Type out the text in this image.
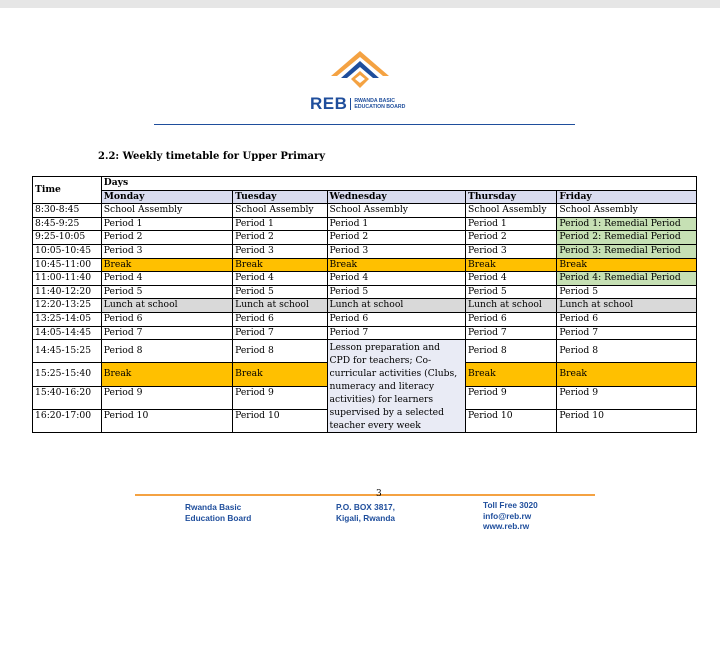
REB RWANDA BASIC
EDUCATION BOARD
2.2: Weekly timetable for Upper Primary
Time	Days				
	Monday	Tuesday	Wednesday	Thursday	Friday
8:30-8:45	School Assembly	School Assembly	School Assembly	School Assembly	School Assembly
8:45-9:25	Period 1	Period 1	Period 1	Period 1	Period 1: Remedial Period
9:25-10:05	Period 2	Period 2	Period 2	Period 2	Period 2: Remedial Period
10:05-10:45	Period 3	Period 3	Period 3	Period 3	Period 3: Remedial Period
10:45-11:00	Break	Break	Break	Break	Break
11:00-11:40	Period 4	Period 4	Period 4	Period 4	Period 4: Remedial Period
11:40-12:20	Period 5	Period 5	Period 5	Period 5	Period 5
12:20-13:25	Lunch at school	Lunch at school	Lunch at school	Lunch at school	Lunch at school
13:25-14:05	Period 6	Period 6	Period 6	Period 6	Period 6
14:05-14:45	Period 7	Period 7	Period 7	Period 7	Period 7
14:45-15:25	Period 8	Period 8	Lesson preparation and CPD for teachers; Co-curricular activities (Clubs, numeracy and literacy activities) for learners supervised by a selected teacher every week	Period 8	Period 8
15:25-15:40	Break	Break		Break	Break
15:40-16:20	Period 9	Period 9		Period 9	Period 9
16:20-17:00	Period 10	Period 10		Period 10	Period 10
3
Rwanda Basic
Education Board
P.O. BOX 3817,
Kigali, Rwanda
Toll Free 3020
info@reb.rw
www.reb.rw
